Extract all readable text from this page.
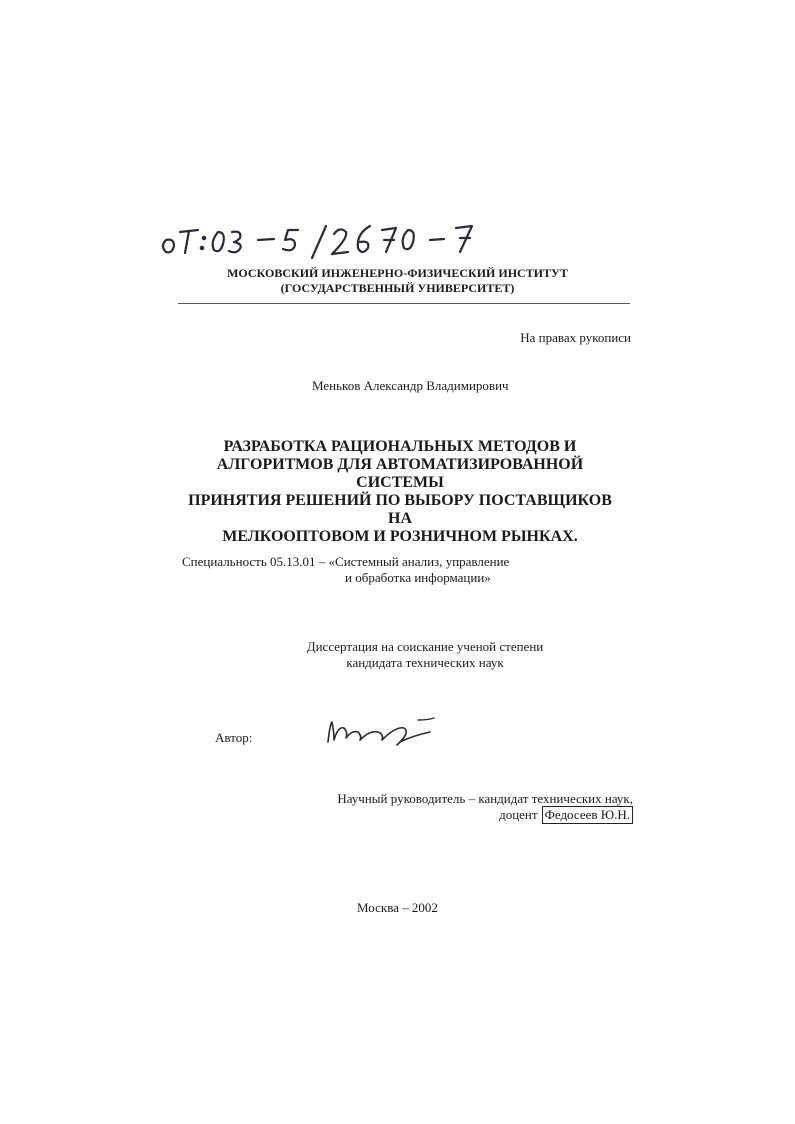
МОСКОВСКИЙ ИНЖЕНЕРНО-ФИЗИЧЕСКИЙ ИНСТИТУТ
(ГОСУДАРСТВЕННЫЙ УНИВЕРСИТЕТ)
На правах рукописи
Меньков Александр Владимирович
РАЗРАБОТКА РАЦИОНАЛЬНЫХ МЕТОДОВ И
АЛГОРИТМОВ ДЛЯ АВТОМАТИЗИРОВАННОЙ СИСТЕМЫ
ПРИНЯТИЯ РЕШЕНИЙ ПО ВЫБОРУ ПОСТАВЩИКОВ НА
МЕЛКООПТОВОМ И РОЗНИЧНОМ РЫНКАХ.
Специальность 05.13.01 – «Системный анализ, управление
и обработка информации»
Диссертация на соискание ученой степени
кандидата технических наук
Автор:
Научный руководитель – кандидат технических наук,
доцент Федосеев Ю.Н.
Москва – 2002
